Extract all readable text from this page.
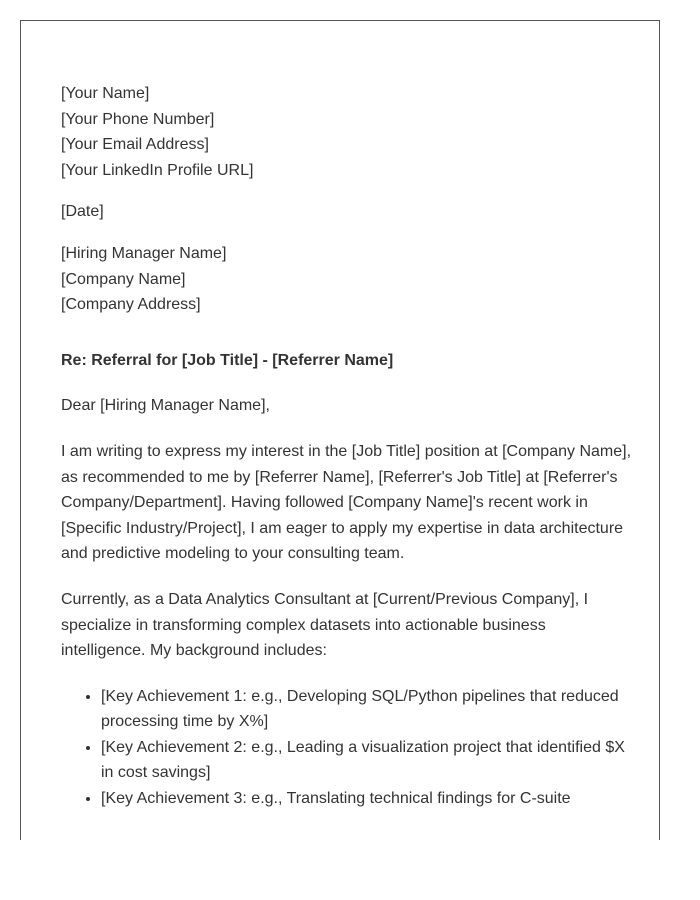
[Your Name]
[Your Phone Number]
[Your Email Address]
[Your LinkedIn Profile URL]
[Date]
[Hiring Manager Name]
[Company Name]
[Company Address]
Re: Referral for [Job Title] - [Referrer Name]

Dear [Hiring Manager Name],

I am writing to express my interest in the [Job Title] position at [Company Name], as recommended to me by [Referrer Name], [Referrer's Job Title] at [Referrer's Company/Department]. Having followed [Company Name]'s recent work in [Specific Industry/Project], I am eager to apply my expertise in data architecture and predictive modeling to your consulting team.

Currently, as a Data Analytics Consultant at [Current/Previous Company], I specialize in transforming complex datasets into actionable business intelligence. My background includes:

• [Key Achievement 1: e.g., Developing SQL/Python pipelines that reduced processing time by X%]
• [Key Achievement 2: e.g., Leading a visualization project that identified $X in cost savings]
• [Key Achievement 3: e.g., Translating technical findings for C-suite
